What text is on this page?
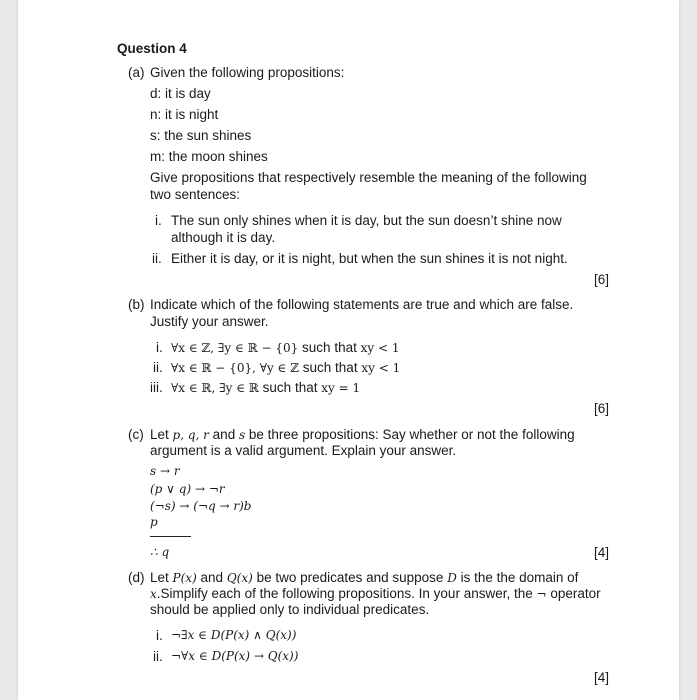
Question 4
(a) Given the following propositions:
d: it is day
n: it is night
s: the sun shines
m: the moon shines
Give propositions that respectively resemble the meaning of the following two sentences:
i. The sun only shines when it is day, but the sun doesn’t shine now although it is day.
ii. Either it is day, or it is night, but when the sun shines it is not night.
[6]
(b) Indicate which of the following statements are true and which are false. Justify your answer.
i. ∀x ∈ ℤ, ∃y ∈ ℝ − {0} such that xy < 1
ii. ∀x ∈ ℝ − {0}, ∀y ∈ ℤ such that xy < 1
iii. ∀x ∈ ℝ, ∃y ∈ ℝ such that xy = 1
[6]
(c) Let p, q, r and s be three propositions: Say whether or not the following
argument is a valid argument. Explain your answer.
s → r
(p ∨ q) → ¬r
(¬s) → (¬q → r)b
p
∴ q	[4]
(d) Let P(x) and Q(x) be two predicates and suppose D is the the domain of
x.Simplify each of the following propositions. In your answer, the ¬ operator
should be applied only to individual predicates.
i. ¬∃x ∈ D(P(x) ∧ Q(x))
ii. ¬∀x ∈ D(P(x) → Q(x))
[4]
